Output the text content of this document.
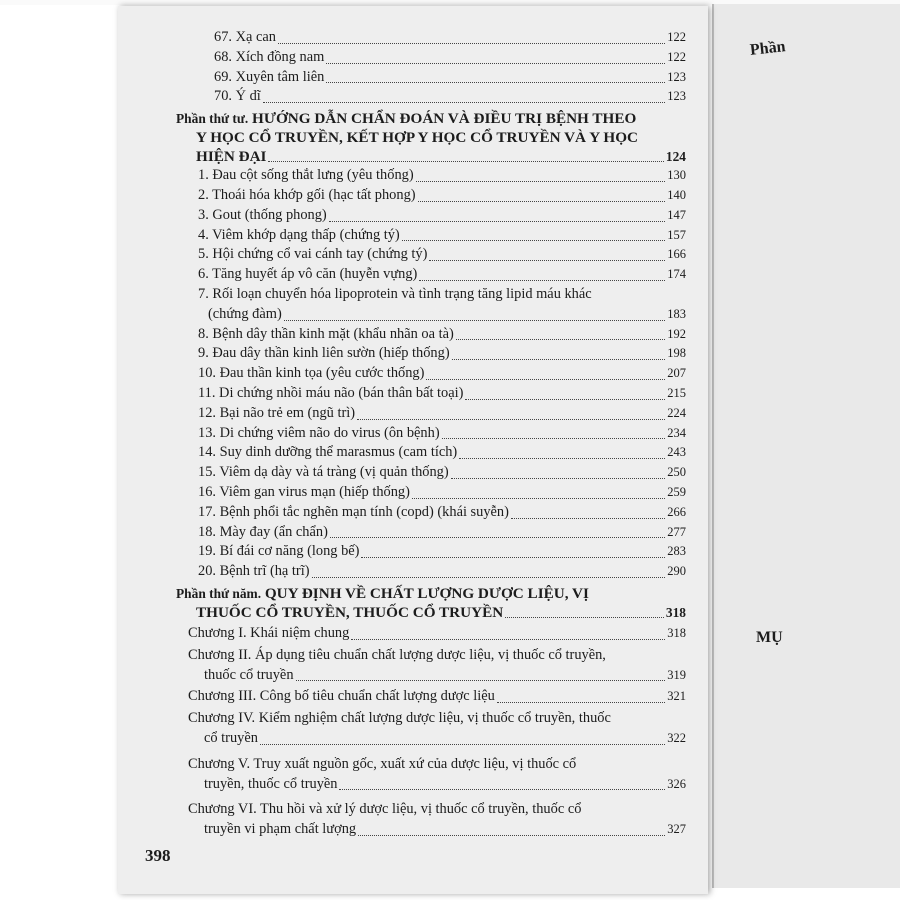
Phần
MỤ
67. Xạ can	122
68. Xích đồng nam	122
69. Xuyên tâm liên	123
70. Ý dĩ	123
Phần thứ tư. HƯỚNG DẪN CHẨN ĐOÁN VÀ ĐIỀU TRỊ BỆNH THEO
Y HỌC CỔ TRUYỀN, KẾT HỢP Y HỌC CỔ TRUYỀN VÀ Y HỌC
HIỆN ĐẠI	124
1. Đau cột sống thắt lưng (yêu thống)	130
2. Thoái hóa khớp gối (hạc tất phong)	140
3. Gout (thống phong)	147
4. Viêm khớp dạng thấp (chứng tý)	157
5. Hội chứng cổ vai cánh tay (chứng tý)	166
6. Tăng huyết áp vô căn (huyễn vựng)	174
7. Rối loạn chuyển hóa lipoprotein và tình trạng tăng lipid máu khác
(chứng đàm)	183
8. Bệnh dây thần kinh mặt (khẩu nhãn oa tà)	192
9. Đau dây thần kinh liên sườn (hiếp thống)	198
10. Đau thần kinh tọa (yêu cước thống)	207
11. Di chứng nhồi máu não (bán thân bất toại)	215
12. Bại não trẻ em (ngũ trì)	224
13. Di chứng viêm não do virus (ôn bệnh)	234
14. Suy dinh dưỡng thể marasmus (cam tích)	243
15. Viêm dạ dày và tá tràng (vị quản thống)	250
16. Viêm gan virus mạn (hiếp thống)	259
17. Bệnh phổi tắc nghẽn mạn tính (copd) (khái suyễn)	266
18. Mày đay (ẩn chẩn)	277
19. Bí đái cơ năng (long bế)	283
20. Bệnh trĩ (hạ trĩ)	290
Phần thứ năm. QUY ĐỊNH VỀ CHẤT LƯỢNG DƯỢC LIỆU, VỊ
THUỐC CỔ TRUYỀN, THUỐC CỔ TRUYỀN	318
Chương I. Khái niệm chung	318
Chương II. Áp dụng tiêu chuẩn chất lượng dược liệu, vị thuốc cổ truyền,
thuốc cổ truyền	319
Chương III. Công bố tiêu chuẩn chất lượng dược liệu	321
Chương IV. Kiểm nghiệm chất lượng dược liệu, vị thuốc cổ truyền, thuốc
cổ truyền	322
Chương V. Truy xuất nguồn gốc, xuất xứ của dược liệu, vị thuốc cổ
truyền, thuốc cổ truyền	326
Chương VI. Thu hồi và xử lý dược liệu, vị thuốc cổ truyền, thuốc cổ
truyền vi phạm chất lượng	327
398
